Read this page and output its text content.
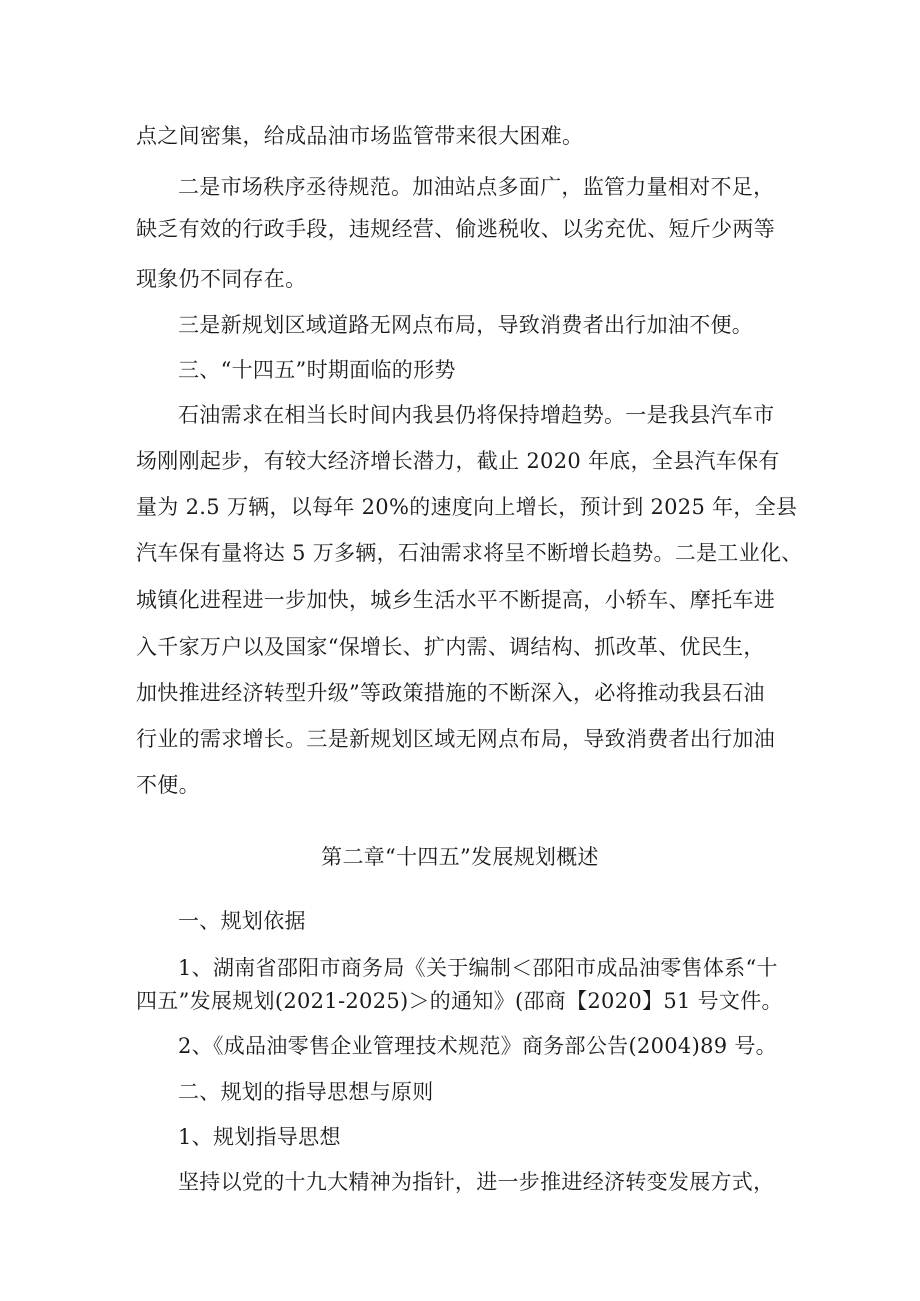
点之间密集，给成品油市场监管带来很大困难。
二是市场秩序丞待规范。加油站点多面广，监管力量相对不足，
缺乏有效的行政手段，违规经营、偷逃税收、以劣充优、短斤少两等
现象仍不同存在。
三是新规划区域道路无网点布局，导致消费者出行加油不便。
三、“十四五”时期面临的形势
石油需求在相当长时间内我县仍将保持增趋势。一是我县汽车市
场刚刚起步，有较大经济增长潜力，截止 2020 年底，全县汽车保有
量为 2.5 万辆，以每年 20%的速度向上增长，预计到 2025 年，全县
汽车保有量将达 5 万多辆，石油需求将呈不断增长趋势。二是工业化、
城镇化进程进一步加快，城乡生活水平不断提高，小轿车、摩托车进
入千家万户以及国家“保增长、扩内需、调结构、抓改革、优民生，
加快推进经济转型升级”等政策措施的不断深入，必将推动我县石油
行业的需求增长。三是新规划区域无网点布局，导致消费者出行加油
不便。
第二章“十四五”发展规划概述
一、规划依据
1、湖南省邵阳市商务局《关于编制＜邵阳市成品油零售体系“十
四五”发展规划(2021-2025)＞的通知》(邵商【2020】51 号文件。
2、《成品油零售企业管理技术规范》商务部公告(2004)89 号。
二、规划的指导思想与原则
1、规划指导思想
坚持以党的十九大精神为指针，进一步推进经济转变发展方式，
